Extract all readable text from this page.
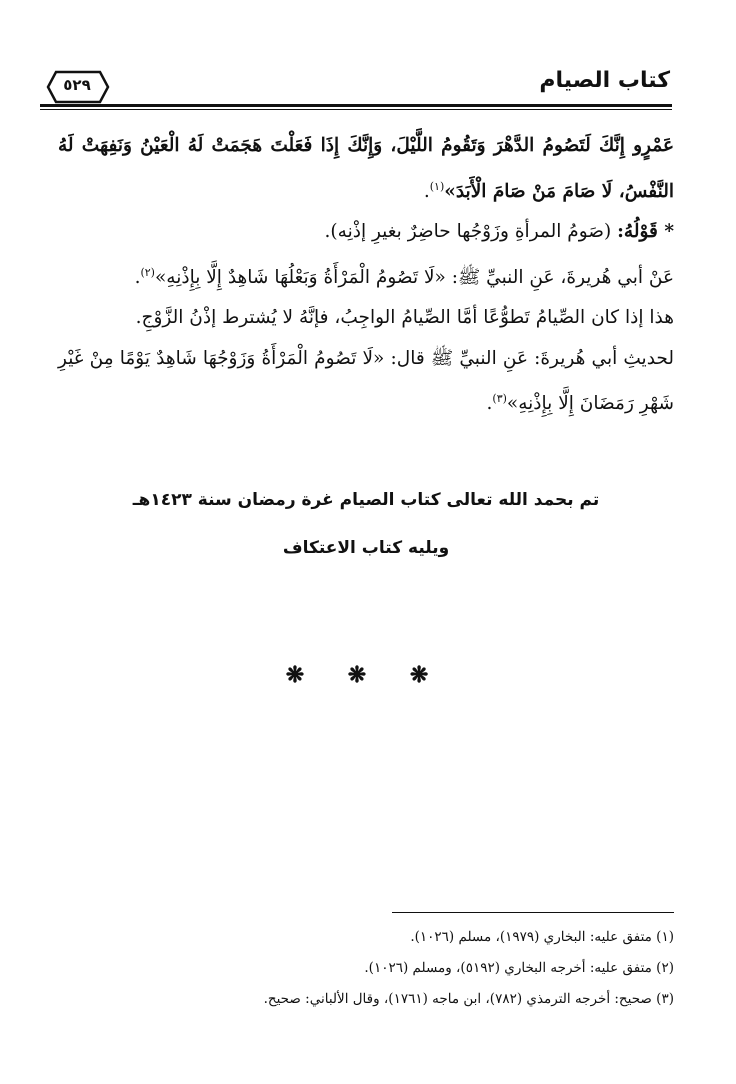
كتاب الصيام
٥٢٩

عَمْرٍو إِنَّكَ لَتَصُومُ الدَّهْرَ وَتَقُومُ اللَّيْلَ، وَإِنَّكَ إِذَا فَعَلْتَ هَجَمَتْ لَهُ الْعَيْنُ وَنَفِهَتْ لَهُ النَّفْسُ، لَا صَامَ مَنْ صَامَ الْأَبَدَ»$^{(١)}$.

* قَوْلُهُ: (صَومُ المرأةِ وزَوْجُها حاضِرٌ بغيرِ إذْنِه).

عَنْ أبي هُريرةَ، عَنِ النبيِّ ﷺ: «لَا تَصُومُ الْمَرْأَةُ وَبَعْلُهَا شَاهِدٌ إِلَّا بِإِذْنِهِ»$^{(٢)}$.

هذا إذا كان الصِّيامُ تَطوُّعًا أمَّا الصِّيامُ الواجِبُ، فإنَّهُ لا يُشترط إذْنُ الزَّوْجِ.

لحديثِ أبي هُريرةَ: عَنِ النبيِّ ﷺ قال: «لَا تَصُومُ الْمَرْأَةُ وَزَوْجُهَا شَاهِدٌ يَوْمًا مِنْ غَيْرِ شَهْرِ رَمَضَانَ إِلَّا بِإِذْنِهِ»$^{(٣)}$.

تم بحمد الله تعالى كتاب الصيام غرة رمضان سنة ١٤٢٣هـ
ويليه كتاب الاعتكاف
❋ ❋ ❋

(١) متفق عليه: البخاري (١٩٧٩)، مسلم (١٠٢٦).

(٢) متفق عليه: أخرجه البخاري (٥١٩٢)، ومسلم (١٠٢٦).

(٣) صحيح: أخرجه الترمذي (٧٨٢)، ابن ماجه (١٧٦١)، وقال الألباني: صحيح.
